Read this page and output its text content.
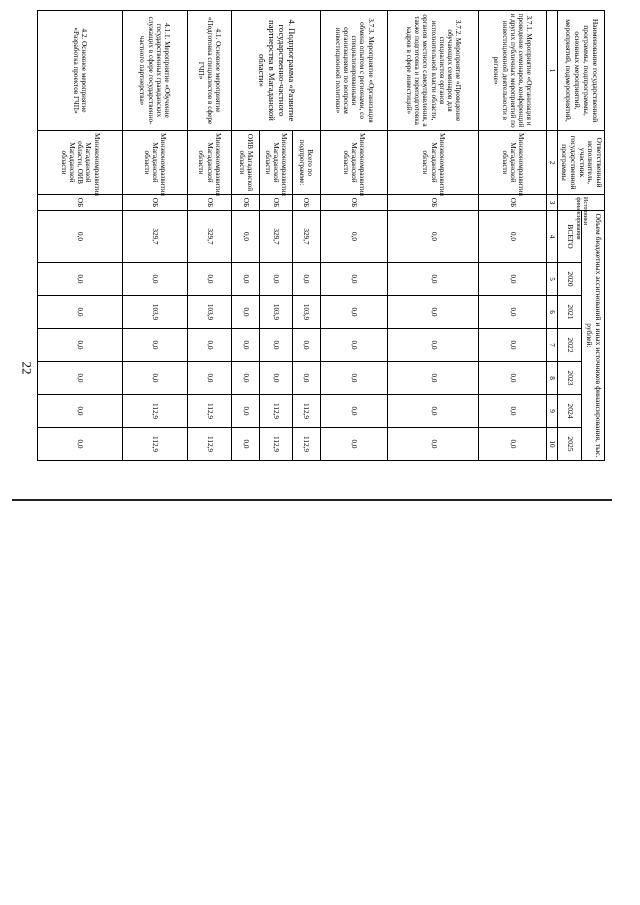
22
Наименование государственной программы, подпрограммы, основных мероприятий, мероприятий, подмероприятий,	Ответственный исполнитель, участник государственной программы	Источники финансирования	Объем бюджетных ассигнований и иных источников финансирования, тыс. рублей:						
			ВСЕГО	2020	2021	2022	2023	2024	2025
1	2	3	4	5	6	7	8	9	10
3.7.1. Мероприятие «Организация и проведение семинаров, конференций и других публичных мероприятий по инвестиционной деятельности в регионе»	Минэкономразвития Магаданской области	ОБ	0,0	0,0	0,0	0,0	0,0	0,0	0,0
3.7.2. Мероприятие «Проведение обучающих семинаров для специалистов органов исполнительной власти области, органов местного самоуправления, а также подготовка и переподготовка кадров в сфере инвестиций»	Минэкономразвития Магаданской области	ОБ	0,0	0,0	0,0	0,0	0,0	0,0	0,0
3.7.3. Мероприятие «Организация обмена опытом с регионами, со специализированными организациями по вопросам инвестиционной политики»	Минэкономразвития Магаданской области	ОБ	0,0	0,0	0,0	0,0	0,0	0,0	0,0
4. Подпрограмма «Развитие государственно-частного партнерства в Магаданской области»	Всего по подпрограмме:	ОБ	329,7	0,0	103,9	0,0	0,0	112,9	112,9
	Минэкономразвития Магаданской области	ОБ	329,7	0,0	103,9	0,0	0,0	112,9	112,9
	ОИВ Магаданской области	ОБ	0,0	0,0	0,0	0,0	0,0	0,0	0,0
4.1. Основное мероприятие «Подготовка специалистов в сфере ГЧП»	Минэкономразвития Магаданской области	ОБ	329,7	0,0	103,9	0,0	0,0	112,9	112,9
4.1.1. Мероприятие «Обучение государственных гражданских служащих в сфере государственно-частного партнерства»	Минэкономразвития Магаданской области	ОБ	329,7	0,0	103,9	0,0	0,0	112,9	112,9
4.2. Основное мероприятие «Разработка проектов ГЧП»	Минэкономразвития Магаданской области, ОИВ Магаданской области	ОБ	0,0	0,0	0,0	0,0	0,0	0,0	0,0
